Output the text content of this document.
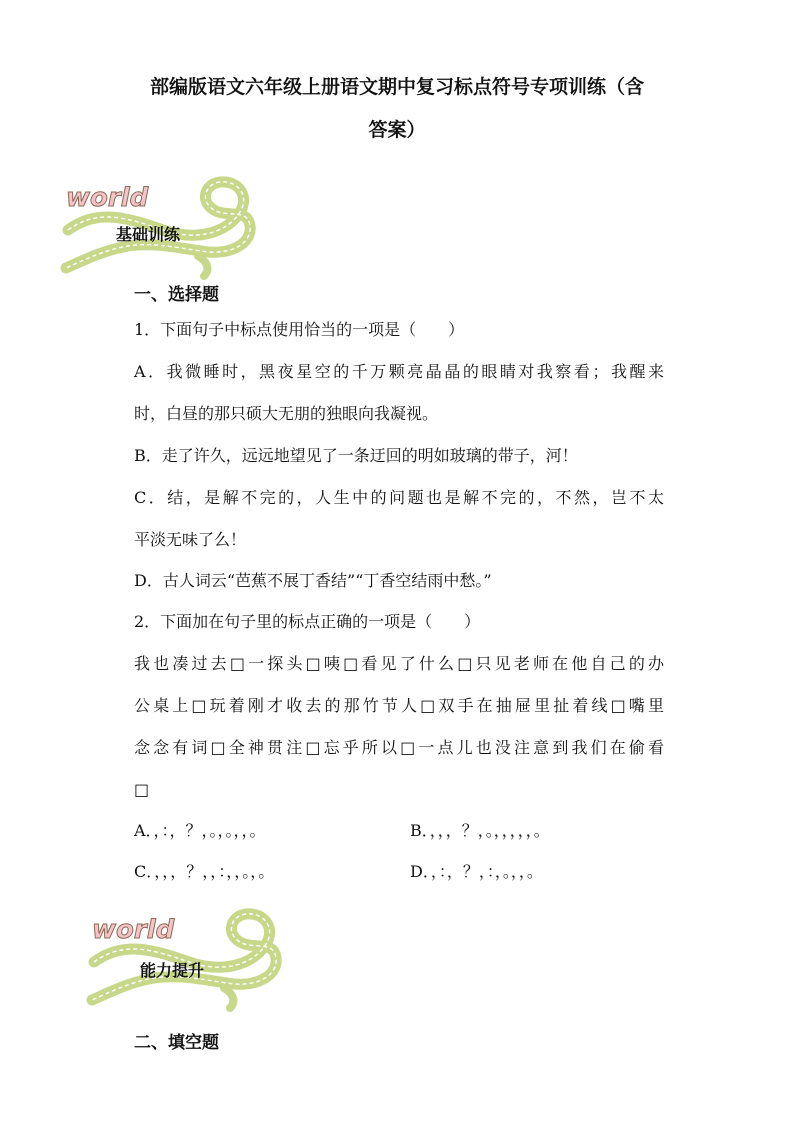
部编版语文六年级上册语文期中复习标点符号专项训练（含
答案）

world
基础训练

一、选择题

1．下面句子中标点使用恰当的一项是（　　）

A．我微睡时，黑夜星空的千万颗亮晶晶的眼睛对我察看；我醒来

时，白昼的那只硕大无朋的独眼向我凝视。

B．走了许久，远远地望见了一条迂回的明如玻璃的带子，河！

C．结，是解不完的，人生中的问题也是解不完的，不然，岂不太

平淡无味了么！

D．古人词云“芭蕉不展丁香结”“丁香空结雨中愁。”

2．下面加在句子里的标点正确的一项是（　　）

我也凑过去□一探头□咦□看见了什么□只见老师在他自己的办

公桌上□玩着刚才收去的那竹节人□双手在抽屉里扯着线□嘴里

念念有词□全神贯注□忘乎所以□一点儿也没注意到我们在偷看

□

A．，：，？，。，。，，。	B．，，，？，。，，，，，。
C．，，，？，，：，，。，。	D．，：，？，：，。，，。
world
能力提升

二、填空题
